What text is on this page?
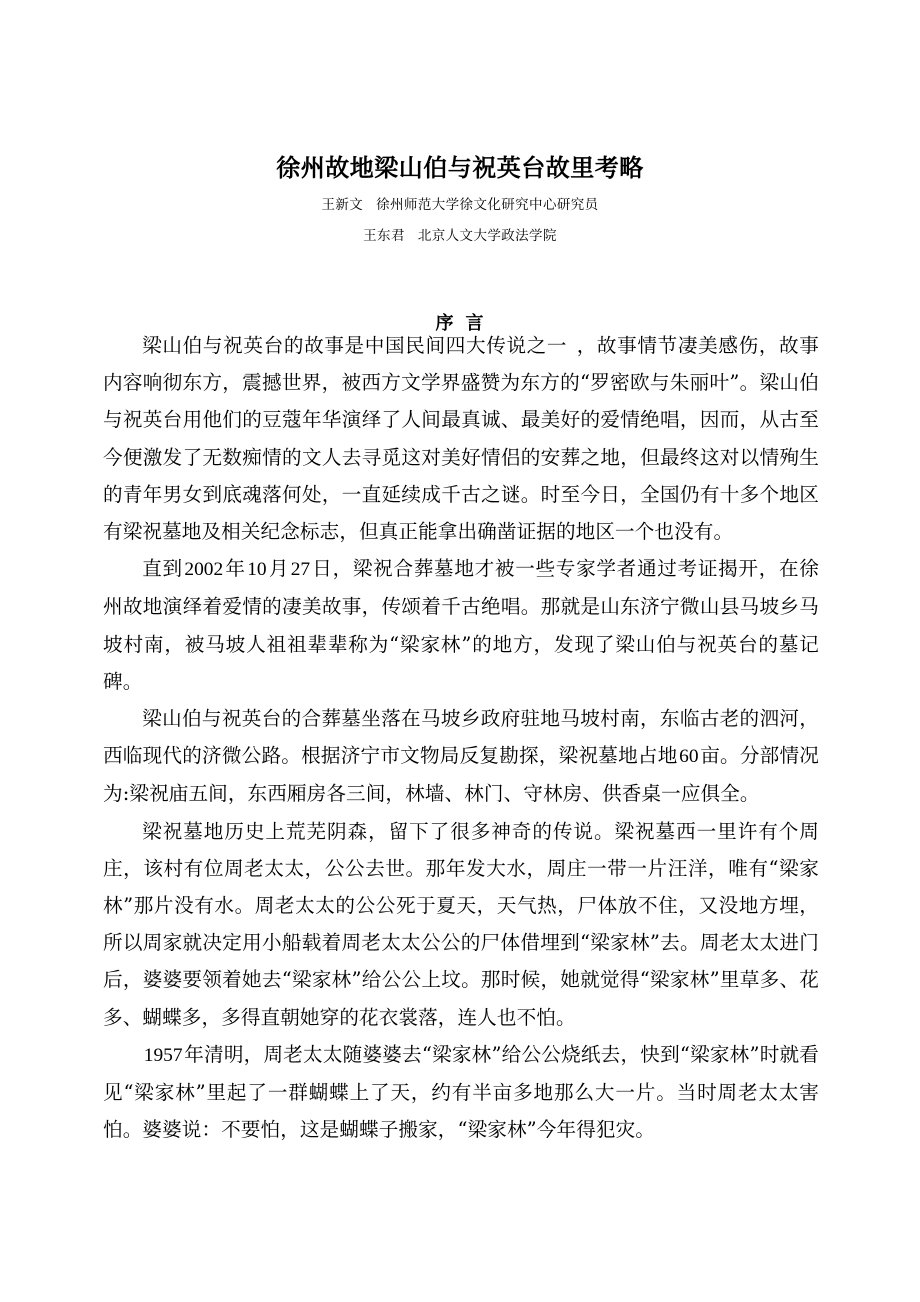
徐州故地梁山伯与祝英台故里考略
王新文 徐州师范大学徐文化研究中心研究员
王东君 北京人文大学政法学院
序 言

梁山伯与祝英台的故事是中国民间四大传说之一 ，故事情节凄美感伤，故事内容响彻东方，震撼世界，被西方文学界盛赞为东方的“罗密欧与朱丽叶”。梁山伯与祝英台用他们的豆蔻年华演绎了人间最真诚、最美好的爱情绝唱，因而，从古至今便激发了无数痴情的文人去寻觅这对美好情侣的安葬之地，但最终这对以情殉生的青年男女到底魂落何处，一直延续成千古之谜。时至今日，全国仍有十多个地区有梁祝墓地及相关纪念标志，但真正能拿出确凿证据的地区一个也没有。

直到2002年10月27日，梁祝合葬墓地才被一些专家学者通过考证揭开，在徐州故地演绎着爱情的凄美故事，传颂着千古绝唱。那就是山东济宁微山县马坡乡马坡村南，被马坡人祖祖辈辈称为“梁家林”的地方，发现了梁山伯与祝英台的墓记碑。

梁山伯与祝英台的合葬墓坐落在马坡乡政府驻地马坡村南，东临古老的泗河，西临现代的济微公路。根据济宁市文物局反复勘探，梁祝墓地占地60亩。分部情况为:梁祝庙五间，东西厢房各三间，林墙、林门、守林房、供香桌一应俱全。

梁祝墓地历史上荒芜阴森，留下了很多神奇的传说。梁祝墓西一里许有个周庄，该村有位周老太太，公公去世。那年发大水，周庄一带一片汪洋，唯有“梁家林”那片没有水。周老太太的公公死于夏天，天气热，尸体放不住，又没地方埋，所以周家就决定用小船载着周老太太公公的尸体借埋到“梁家林”去。周老太太进门后，婆婆要领着她去“梁家林”给公公上坟。那时候，她就觉得“梁家林”里草多、花多、蝴蝶多，多得直朝她穿的花衣裳落，连人也不怕。

1957年清明，周老太太随婆婆去“梁家林”给公公烧纸去，快到“梁家林”时就看见“梁家林”里起了一群蝴蝶上了天，约有半亩多地那么大一片。当时周老太太害怕。婆婆说：不要怕，这是蝴蝶子搬家，“梁家林”今年得犯灾。
